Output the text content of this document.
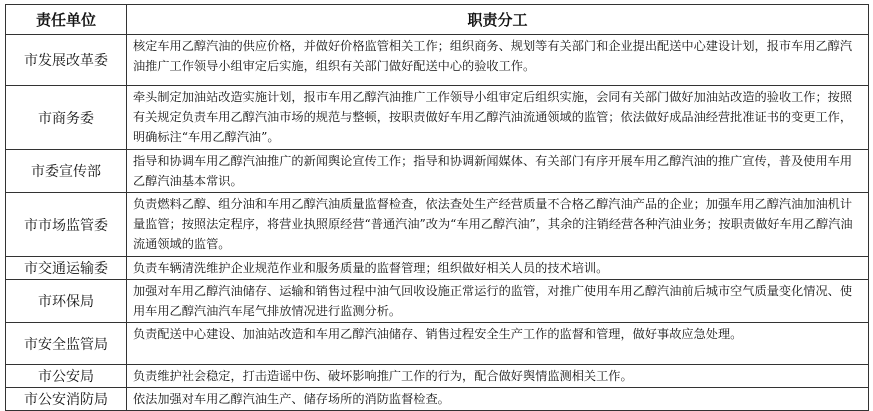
责任单位	职责分工
市发展改革委	核定车用乙醇汽油的供应价格，并做好价格监管相关工作；组织商务、规划等有关部门和企业提出配送中心建设计划，报市车用乙醇汽油推广工作领导小组审定后实施，组织有关部门做好配送中心的验收工作。
市商务委	牵头制定加油站改造实施计划，报市车用乙醇汽油推广工作领导小组审定后组织实施，会同有关部门做好加油站改造的验收工作；按照有关规定负责车用乙醇汽油市场的规范与整顿，按职责做好车用乙醇汽油流通领域的监管；依法做好成品油经营批准证书的变更工作，明确标注“车用乙醇汽油”。
市委宣传部	指导和协调车用乙醇汽油推广的新闻舆论宣传工作；指导和协调新闻媒体、有关部门有序开展车用乙醇汽油的推广宣传，普及使用车用乙醇汽油基本常识。
市市场监管委	负责燃料乙醇、组分油和车用乙醇汽油质量监督检查，依法查处生产经营质量不合格乙醇汽油产品的企业；加强车用乙醇汽油加油机计量监管；按照法定程序，将营业执照原经营“普通汽油”改为“车用乙醇汽油”，其余的注销经营各种汽油业务；按职责做好车用乙醇汽油流通领域的监管。
市交通运输委	负责车辆清洗维护企业规范作业和服务质量的监督管理；组织做好相关人员的技术培训。
市环保局	加强对车用乙醇汽油储存、运输和销售过程中油气回收设施正常运行的监管，对推广使用车用乙醇汽油前后城市空气质量变化情况、使用车用乙醇汽油汽车尾气排放情况进行监测分析。
市安全监管局	负责配送中心建设、加油站改造和车用乙醇汽油储存、销售过程安全生产工作的监督和管理，做好事故应急处理。
市公安局	负责维护社会稳定，打击造谣中伤、破坏影响推广工作的行为，配合做好舆情监测相关工作。
市公安消防局	依法加强对车用乙醇汽油生产、储存场所的消防监督检查。
